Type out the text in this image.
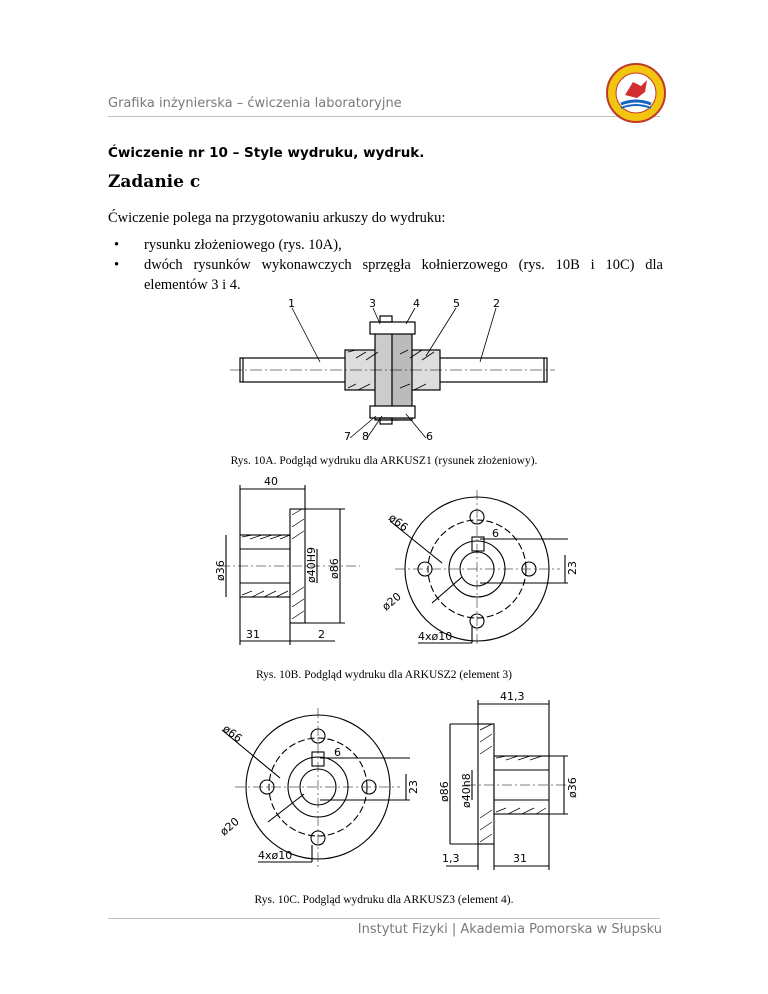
Grafika inżynierska – ćwiczenia laboratoryjne
Ćwiczenie nr 10 – Style wydruku, wydruk.
Zadanie c
Ćwiczenie polega na przygotowaniu arkuszy do wydruku:
• rysunku złożeniowego (rys. 10A),
• dwóch rysunków wykonawczych sprzęgła kołnierzowego (rys. 10B i 10C) dla elementów 3 i 4.
1	3	4	5	2
7 8	6
Rys. 10A. Podgląd wydruku dla ARKUSZ1 (rysunek złożeniowy).
40
ø36	ø40H9 ø86
31	2
ø66	6
23
ø20
4xø10
Rys. 10B. Podgląd wydruku dla ARKUSZ2 (element 3)
41,3
ø66
6
23
ø20
4xø10
ø86 ø40h8	ø36
1,3	31
Rys. 10C. Podgląd wydruku dla ARKUSZ3 (element 4).
Instytut Fizyki | Akademia Pomorska w Słupsku
